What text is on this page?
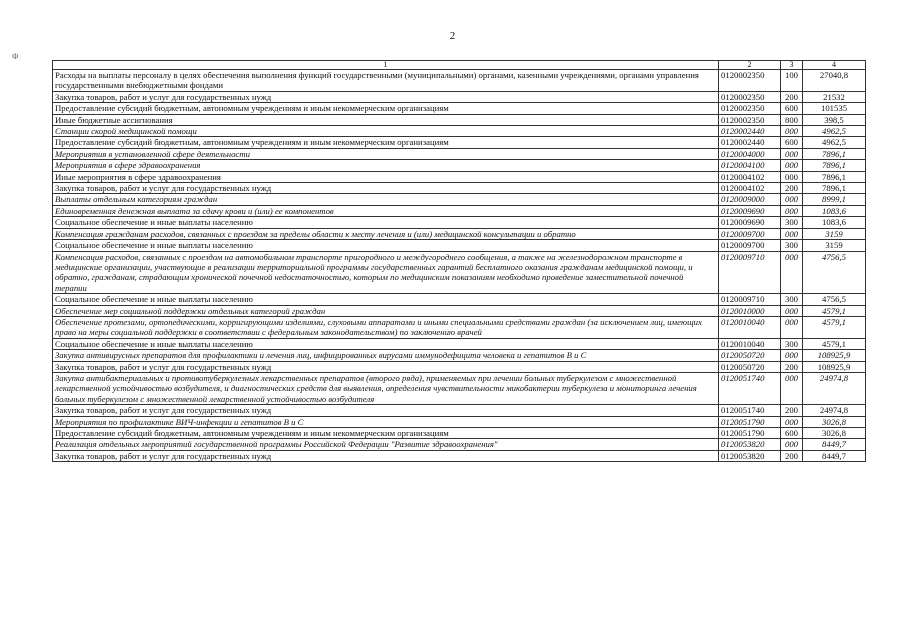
2
Ф
1	2	3	4
Расходы на выплаты персоналу в целях обеспечения выполнения функций государственными (муниципальными) органами, казенными учреждениями, органами управления государственными внебюджетными фондами	0120002350	100	27040,8
Закупка товаров, работ и услуг для государственных нужд	0120002350	200	21532
Предоставление субсидий бюджетным, автономным учреждениям и иным некоммерческим организациям	0120002350	600	101535
Иные бюджетные ассигнования	0120002350	800	398,5
Станции скорой медицинской помощи	0120002440	000	4962,5
Предоставление субсидий бюджетным, автономным учреждениям и иным некоммерческим организациям	0120002440	600	4962,5
Мероприятия в установленной сфере деятельности	0120004000	000	7896,1
Мероприятия в сфере здравоохранения	0120004100	000	7896,1
Иные мероприятия в сфере здравоохранения	0120004102	000	7896,1
Закупка товаров, работ и услуг для государственных нужд	0120004102	200	7896,1
Выплаты отдельным категориям граждан	0120009000	000	8999,1
Единовременная денежная выплата за сдачу крови и (или) ее компонентов	0120009690	000	1083,6
Социальное обеспечение и иные выплаты населению	0120009690	300	1083,6
Компенсация гражданам расходов, связанных с проездом за пределы области к месту лечения и (или) медицинской консультации и обратно	0120009700	000	3159
Социальное обеспечение и иные выплаты населению	0120009700	300	3159
Компенсация расходов, связанных с проездом на автомобильном транспорте пригородного и междугороднего сообщения, а также на железнодорожном транспорте в медицинские организации, участвующие в реализации территориальной программы государственных гарантий бесплатного оказания гражданам медицинской помощи, и обратно, гражданам, страдающим хронической почечной недостаточностью, которым по медицинским показаниям необходимо проведение заместительной почечной терапии	0120009710	000	4756,5
Социальное обеспечение и иные выплаты населению	0120009710	300	4756,5
Обеспечение мер социальной поддержки отдельных категорий граждан	0120010000	000	4579,1
Обеспечение протезами, ортопедическими, корригирующими изделиями, слуховыми аппаратами и иными специальными средствами граждан (за исключением лиц, имеющих право на меры социальной поддержки в соответствии с федеральным законодательством) по заключению врачей	0120010040	000	4579,1
Социальное обеспечение и иные выплаты населению	0120010040	300	4579,1
Закупка антивирусных препаратов для профилактики и лечения лиц, инфицированных вирусами иммунодефицита человека и гепатитов В и С	0120050720	000	108925,9
Закупка товаров, работ и услуг для государственных нужд	0120050720	200	108925,9
Закупка антибактериальных и противотуберкулезных лекарственных препаратов (второго ряда), применяемых при лечении больных туберкулезом с множественной лекарственной устойчивостью возбудителя, и диагностических средств для выявления, определения чувствительности микобактерии туберкулеза и мониторинга лечения больных туберкулезом с множественной лекарственной устойчивостью возбудителя	0120051740	000	24974,8
Закупка товаров, работ и услуг для государственных нужд	0120051740	200	24974,8
Мероприятия по профилактике ВИЧ-инфекции и гепатитов В и С	0120051790	000	3026,8
Предоставление субсидий бюджетным, автономным учреждениям и иным некоммерческим организациям	0120051790	600	3026,8
Реализация отдельных мероприятий государственной программы Российской Федерации "Развитие здравоохранения"	0120053820	000	8449,7
Закупка товаров, работ и услуг для государственных нужд	0120053820	200	8449,7
